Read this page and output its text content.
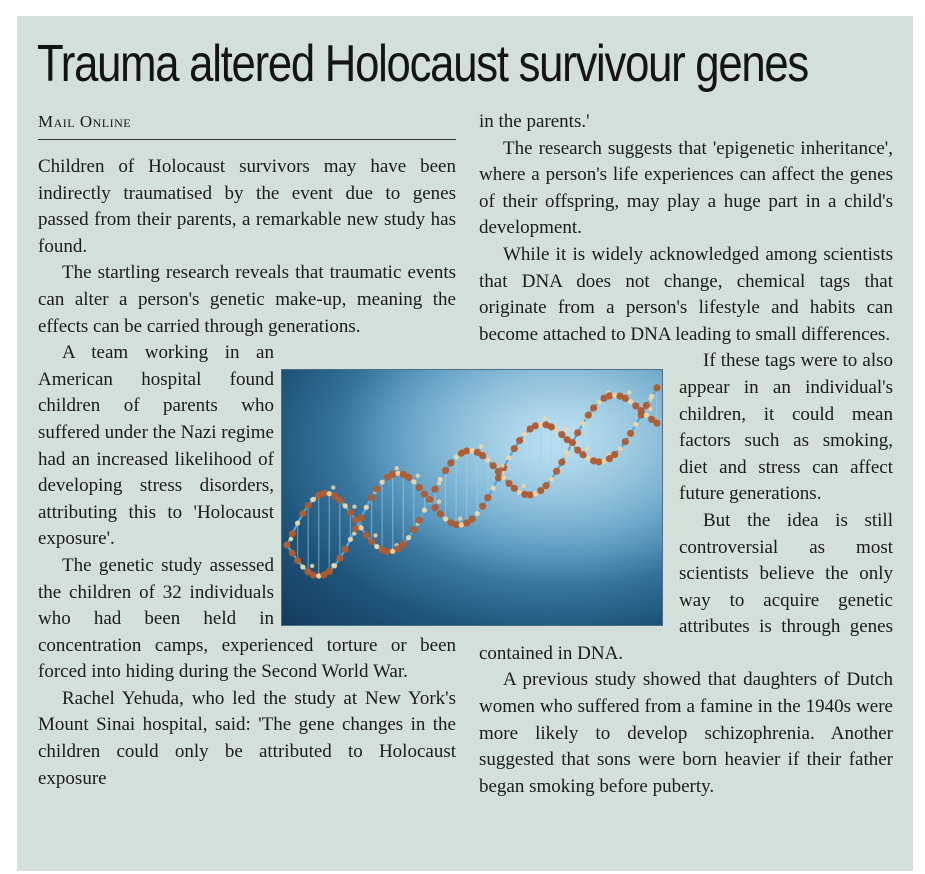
Trauma altered Holocaust survivour genes
Mail Online

Children of Holocaust survivors may have been indirectly traumatised by the event due to genes passed from their parents, a remarkable new study has found.

The startling research reveals that traumatic events can alter a person's genetic make-up, meaning the effects can be carried through generations.

A team working in an American hospital found children of parents who suffered under the Nazi regime had an increased likelihood of developing stress disorders, attributing this to 'Holocaust exposure'.

The genetic study assessed the children of 32 individuals who had been held in concentration camps, experienced torture or been forced into hiding during the Second World War.

Rachel Yehuda, who led the study at New York's Mount Sinai hospital, said: 'The gene changes in the children could only be attributed to Holocaust exposure

in the parents.'

The research suggests that 'epigenetic inheritance', where a person's life experiences can affect the genes of their offspring, may play a huge part in a child's development.

While it is widely acknowledged among scientists that DNA does not change, chemical tags that originate from a person's lifestyle and habits can become attached to DNA leading to small differences.

If these tags were to also appear in an individual's children, it could mean factors such as smoking, diet and stress can affect future generations.

But the idea is still controversial as most scientists believe the only way to acquire genetic attributes is through genes contained in DNA.

A previous study showed that daughters of Dutch women who suffered from a famine in the 1940s were more likely to develop schizophrenia. Another suggested that sons were born heavier if their father began smoking before puberty.
